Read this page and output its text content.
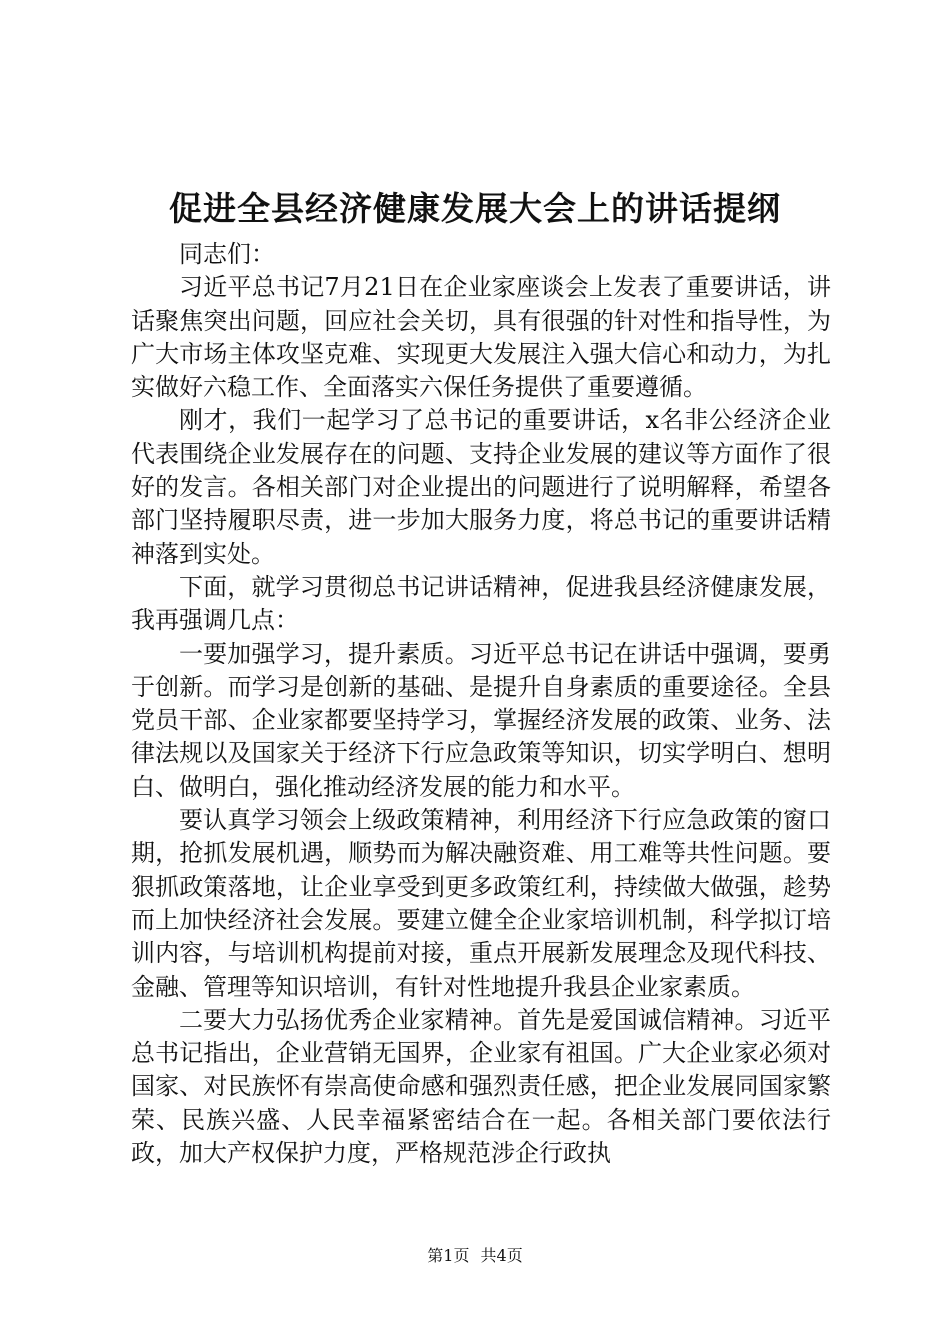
促进全县经济健康发展大会上的讲话提纲

同志们：

习近平总书记7月21日在企业家座谈会上发表了重要讲话，讲话聚焦突出问题，回应社会关切，具有很强的针对性和指导性，为广大市场主体攻坚克难、实现更大发展注入强大信心和动力，为扎实做好六稳工作、全面落实六保任务提供了重要遵循。

刚才，我们一起学习了总书记的重要讲话，x名非公经济企业代表围绕企业发展存在的问题、支持企业发展的建议等方面作了很好的发言。各相关部门对企业提出的问题进行了说明解释，希望各部门坚持履职尽责，进一步加大服务力度，将总书记的重要讲话精神落到实处。

下面，就学习贯彻总书记讲话精神，促进我县经济健康发展，我再强调几点：

一要加强学习，提升素质。习近平总书记在讲话中强调，要勇于创新。而学习是创新的基础、是提升自身素质的重要途径。全县党员干部、企业家都要坚持学习，掌握经济发展的政策、业务、法律法规以及国家关于经济下行应急政策等知识，切实学明白、想明白、做明白，强化推动经济发展的能力和水平。

要认真学习领会上级政策精神，利用经济下行应急政策的窗口期，抢抓发展机遇，顺势而为解决融资难、用工难等共性问题。要狠抓政策落地，让企业享受到更多政策红利，持续做大做强，趁势而上加快经济社会发展。要建立健全企业家培训机制，科学拟订培训内容，与培训机构提前对接，重点开展新发展理念及现代科技、金融、管理等知识培训，有针对性地提升我县企业家素质。

二要大力弘扬优秀企业家精神。首先是爱国诚信精神。习近平总书记指出，企业营销无国界，企业家有祖国。广大企业家必须对国家、对民族怀有崇高使命感和强烈责任感，把企业发展同国家繁荣、民族兴盛、人民幸福紧密结合在一起。各相关部门要依法行政，加大产权保护力度，严格规范涉企行政执

第1页 共4页
